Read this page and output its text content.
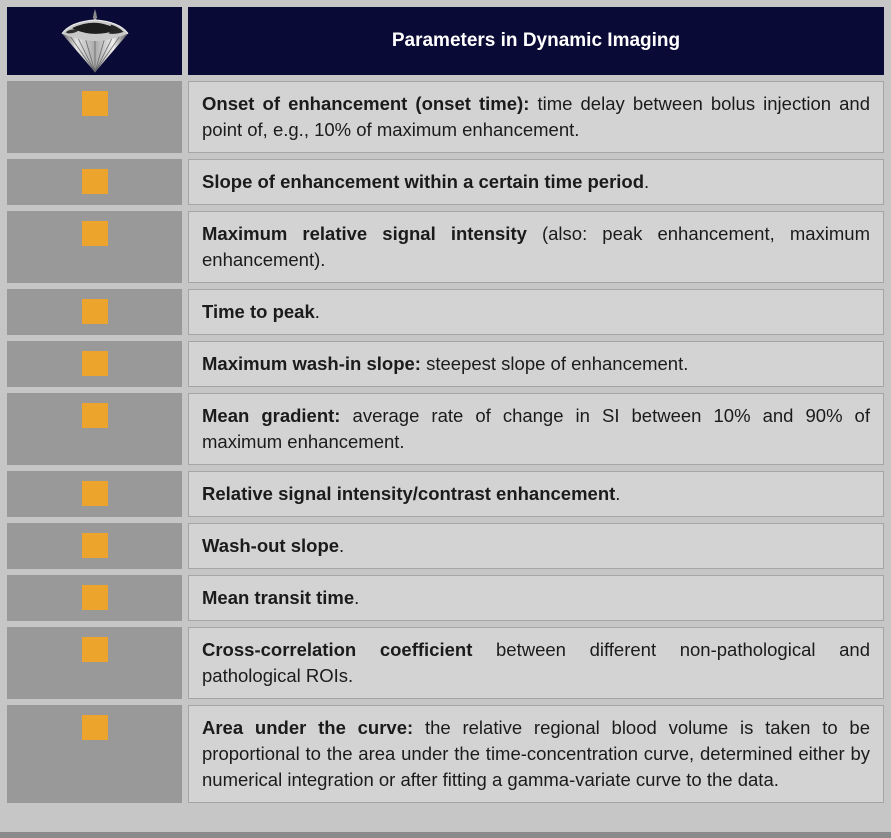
Parameters in Dynamic Imaging
Onset of enhancement (onset time): time delay between bolus injection and point of, e.g., 10% of maximum enhancement.
Slope of enhancement within a certain time period.
Maximum relative signal intensity (also: peak enhancement, maximum enhancement).
Time to peak.
Maximum wash-in slope: steepest slope of enhancement.
Mean gradient: average rate of change in SI between 10% and 90% of maximum enhancement.
Relative signal intensity/contrast enhancement.
Wash-out slope.
Mean transit time.
Cross-correlation coefficient between different non-pathological and pathological ROIs.
Area under the curve: the relative regional blood volume is taken to be proportional to the area under the time-concentration curve, determined either by numerical integration or after fitting a gamma-variate curve to the data.
